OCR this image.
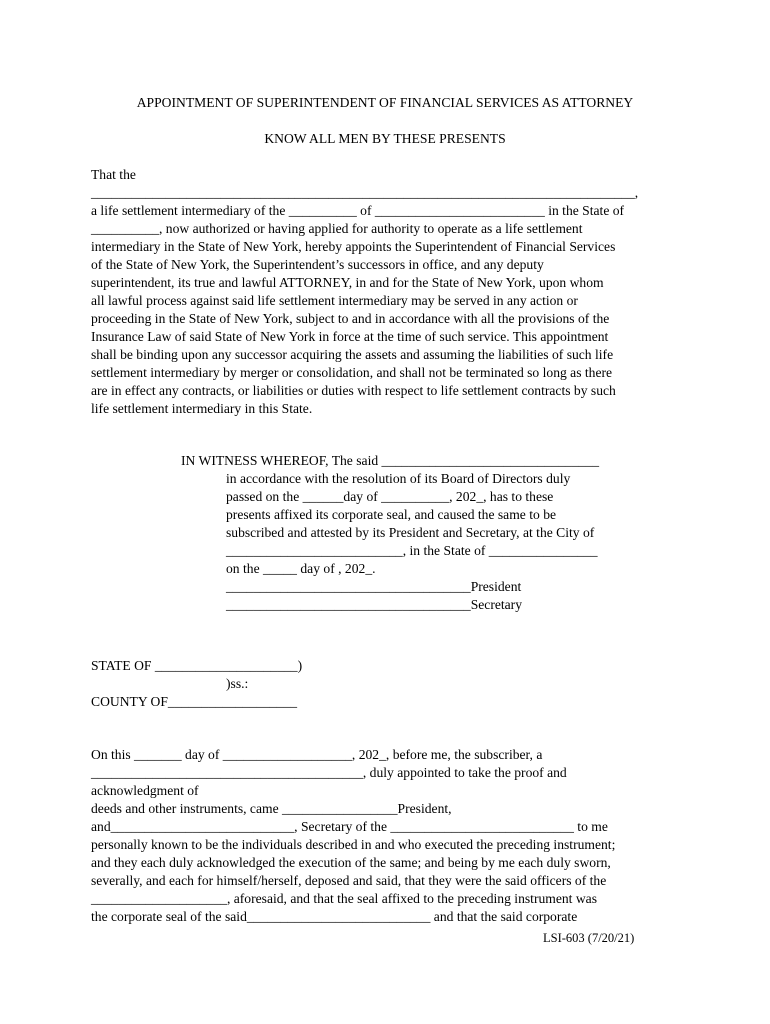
APPOINTMENT OF SUPERINTENDENT OF FINANCIAL SERVICES AS ATTORNEY
KNOW ALL MEN BY THESE PRESENTS
That the
________________________________________________________________________________,
a life settlement intermediary of the __________ of _________________________ in the State of
__________, now authorized or having applied for authority to operate as a life settlement
intermediary in the State of New York, hereby appoints the Superintendent of Financial Services
of the State of New York, the Superintendent’s successors in office, and any deputy
superintendent, its true and lawful ATTORNEY, in and for the State of New York, upon whom
all lawful process against said life settlement intermediary may be served in any action or
proceeding in the State of New York, subject to and in accordance with all the provisions of the
Insurance Law of said State of New York in force at the time of such service. This appointment
shall be binding upon any successor acquiring the assets and assuming the liabilities of such life
settlement intermediary by merger or consolidation, and shall not be terminated so long as there
are in effect any contracts, or liabilities or duties with respect to life settlement contracts by such
life settlement intermediary in this State.
IN WITNESS WHEREOF, The said ________________________________
in accordance with the resolution of its Board of Directors duly
passed on the ______day of __________, 202_, has to these
presents affixed its corporate seal, and caused the same to be
subscribed and attested by its President and Secretary, at the City of
__________________________, in the State of ________________
on the _____ day of , 202_.
____________________________________President
____________________________________Secretary
STATE OF _____________________)
)ss.:
COUNTY OF___________________
On this _______ day of ___________________, 202_, before me, the subscriber, a
________________________________________, duly appointed to take the proof and
acknowledgment of
deeds and other instruments, came _________________President,
and___________________________, Secretary of the ___________________________ to me
personally known to be the individuals described in and who executed the preceding instrument;
and they each duly acknowledged the execution of the same; and being by me each duly sworn,
severally, and each for himself/herself, deposed and said, that they were the said officers of the
____________________, aforesaid, and that the seal affixed to the preceding instrument was
the corporate seal of the said___________________________ and that the said corporate
LSI-603 (7/20/21)
